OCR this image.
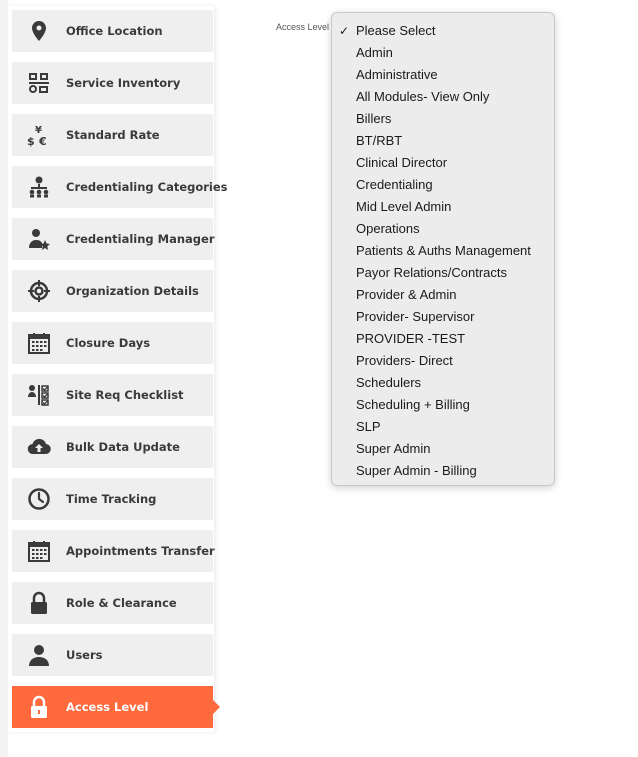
Office Location
Service Inventory
¥
$ € Standard Rate
Credentialing Categories
Credentialing Manager
Organization Details
Closure Days
Site Req Checklist
Bulk Data Update
Time Tracking
Appointments Transfer
Role & Clearance
Users
Access Level
Access Level ✓ Please Select
Admin
Administrative
All Modules- View Only
Billers
BT/RBT
Clinical Director
Credentialing
Mid Level Admin
Operations
Patients & Auths Management
Payor Relations/Contracts
Provider & Admin
Provider- Supervisor
PROVIDER -TEST
Providers- Direct
Schedulers
Scheduling + Billing
SLP
Super Admin
Super Admin - Billing
